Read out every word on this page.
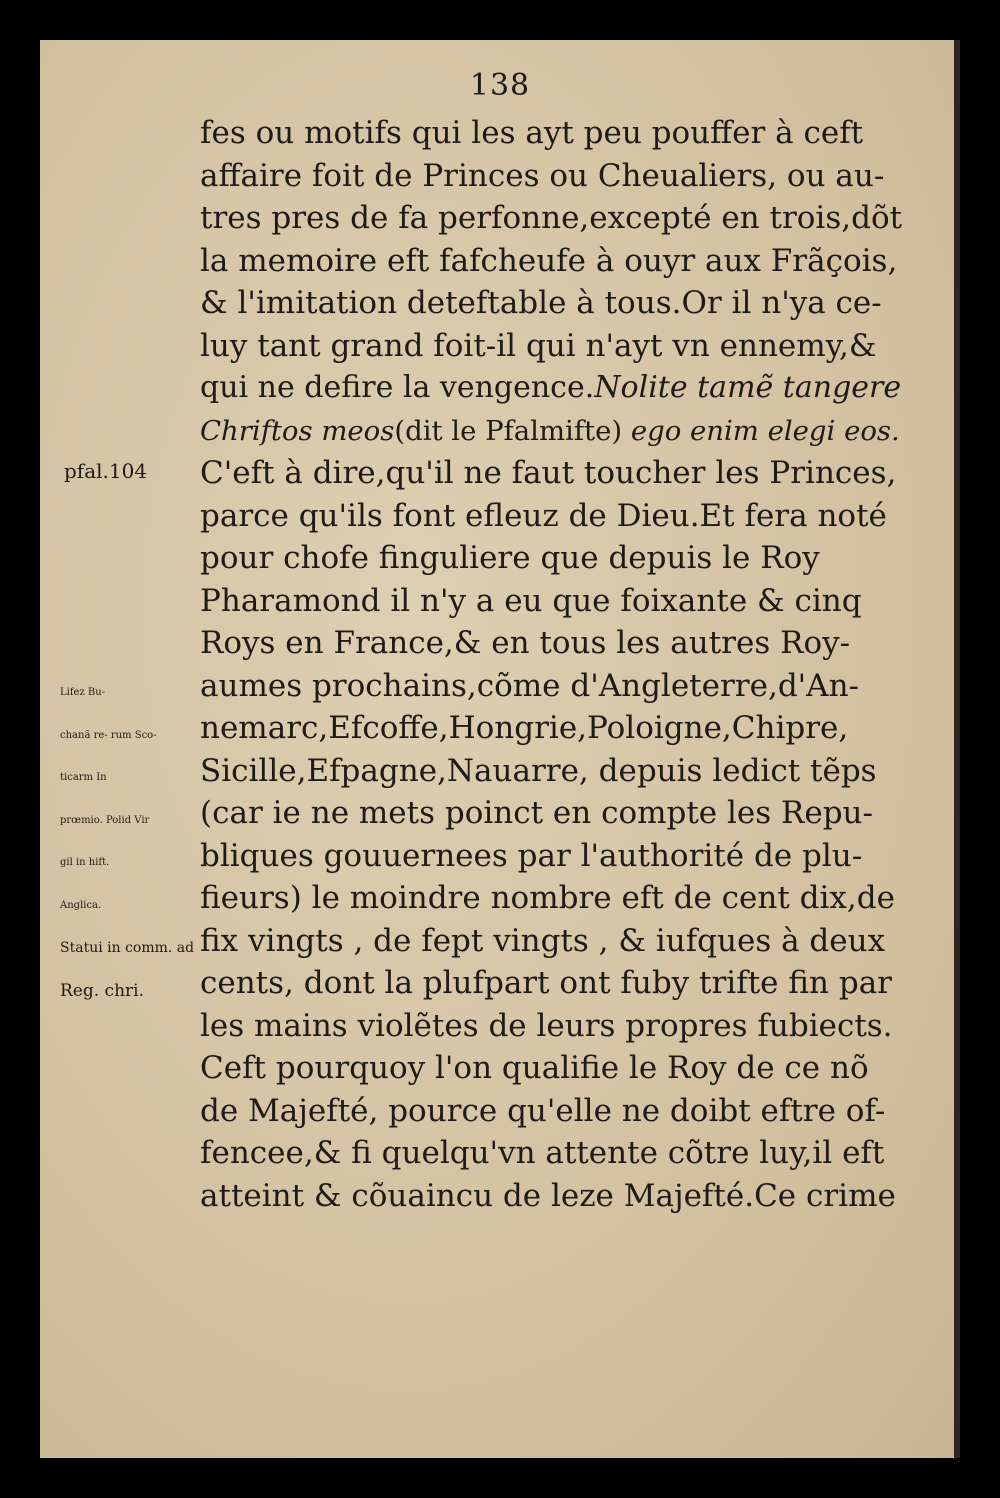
138
fes ou motifs qui les ayt peu pouffer à ceft
affaire foit de Princes ou Cheualiers, ou au-
tres pres de fa perfonne,excepté en trois,dõt
la memoire eft fafcheufe à ouyr aux Frãçois,
& l'imitation deteftable à tous.Or il n'ya ce-
luy tant grand foit-il qui n'ayt vn ennemy,&
qui ne defire la vengence.Nolite tamẽ tangere
Chriftos meos(dit le Pfalmifte) ego enim elegi eos.
C'eft à dire,qu'il ne faut toucher les Princes,
parce qu'ils font efleuz de Dieu.Et fera noté
pour chofe finguliere que depuis le Roy
Pharamond il n'y a eu que foixante & cinq
Roys en France,& en tous les autres Roy-
aumes prochains,cõme d'Angleterre,d'An-
nemarc,Efcoffe,Hongrie,Poloigne,Chipre,
Sicille,Efpagne,Nauarre, depuis ledict tẽps
(car ie ne mets poinct en compte les Repu-
bliques gouuernees par l'authorité de plu-
fieurs) le moindre nombre eft de cent dix,de
fix vingts , de fept vingts , & iufques à deux
cents, dont la plufpart ont fuby trifte fin par
les mains violẽtes de leurs propres fubiects.
Ceft pourquoy l'on qualifie le Roy de ce nõ
de Majefté, pource qu'elle ne doibt eftre of-
fencee,& fi quelqu'vn attente cõtre luy,il eft
atteint & cõuaincu de leze Majefté.Ce crime
pfal.104
Lifez Bu-
chanã re- rum Sco-
ticarm In
prœmio. Polid Vir
gil in hift.
Anglica.
Statui in comm. ad
Reg. chri.
